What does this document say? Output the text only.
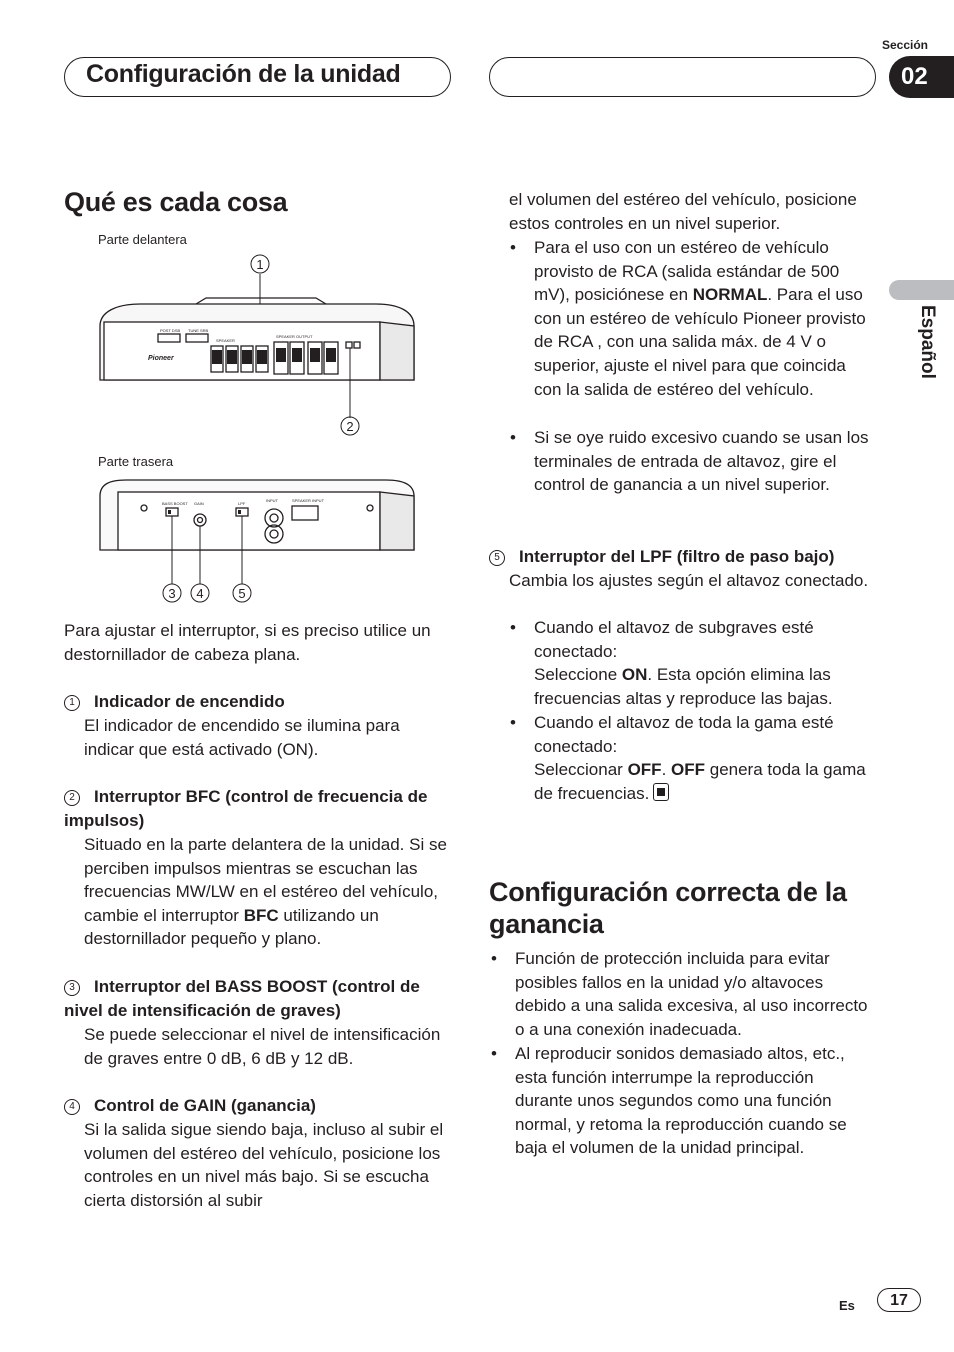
Configuración de la unidad
Sección
02
Español
Qué es cada cosa
Parte delantera
POST DSB TUNE SRB
SPEAKER
SPEAKER OUTPUT
Pioneer
1
2
Parte trasera
BASS BOOST GAIN	LPF
INPUT	SPEAKER INPUT
3 4	5

Para ajustar el interruptor, si es preciso utilice un destornillador de cabeza plana.

1 Indicador de encendido

El indicador de encendido se ilumina para indicar que está activado (ON).

2 Interruptor BFC (control de frecuencia de impulsos)

Situado en la parte delantera de la unidad. Si se perciben impulsos mientras se escuchan las frecuencias MW/LW en el estéreo del vehículo, cambie el interruptor BFC utilizando un destornillador pequeño y plano.

3 Interruptor del BASS BOOST (control de nivel de intensificación de graves)

Se puede seleccionar el nivel de intensificación de graves entre 0 dB, 6 dB y 12 dB.

4 Control de GAIN (ganancia)

Si la salida sigue siendo baja, incluso al subir el volumen del estéreo del vehículo, posicione los controles en un nivel más bajo. Si se escucha cierta distorsión al subir

el volumen del estéreo del vehículo, posicione estos controles en un nivel superior.

• Para el uso con un estéreo de vehículo provisto de RCA (salida estándar de 500 mV), posiciónese en NORMAL. Para el uso con un estéreo de vehículo Pioneer provisto de RCA , con una salida máx. de 4 V o superior, ajuste el nivel para que coincida con la salida de estéreo del vehículo.
• Si se oye ruido excesivo cuando se usan los terminales de entrada de altavoz, gire el control de ganancia a un nivel superior.
5 Interruptor del LPF (filtro de paso bajo)

Cambia los ajustes según el altavoz conectado.

• Cuando el altavoz de subgraves esté conectado:
Seleccione ON. Esta opción elimina las frecuencias altas y reproduce las bajas.
• Cuando el altavoz de toda la gama esté conectado:
Seleccionar OFF. OFF genera toda la gama de frecuencias.
Configuración correcta de la ganancia
• Función de protección incluida para evitar posibles fallos en la unidad y/o altavoces debido a una salida excesiva, al uso incorrecto o a una conexión inadecuada.
• Al reproducir sonidos demasiado altos, etc., esta función interrumpe la reproducción durante unos segundos como una función normal, y retoma la reproducción cuando se baja el volumen de la unidad principal.
Es	17
